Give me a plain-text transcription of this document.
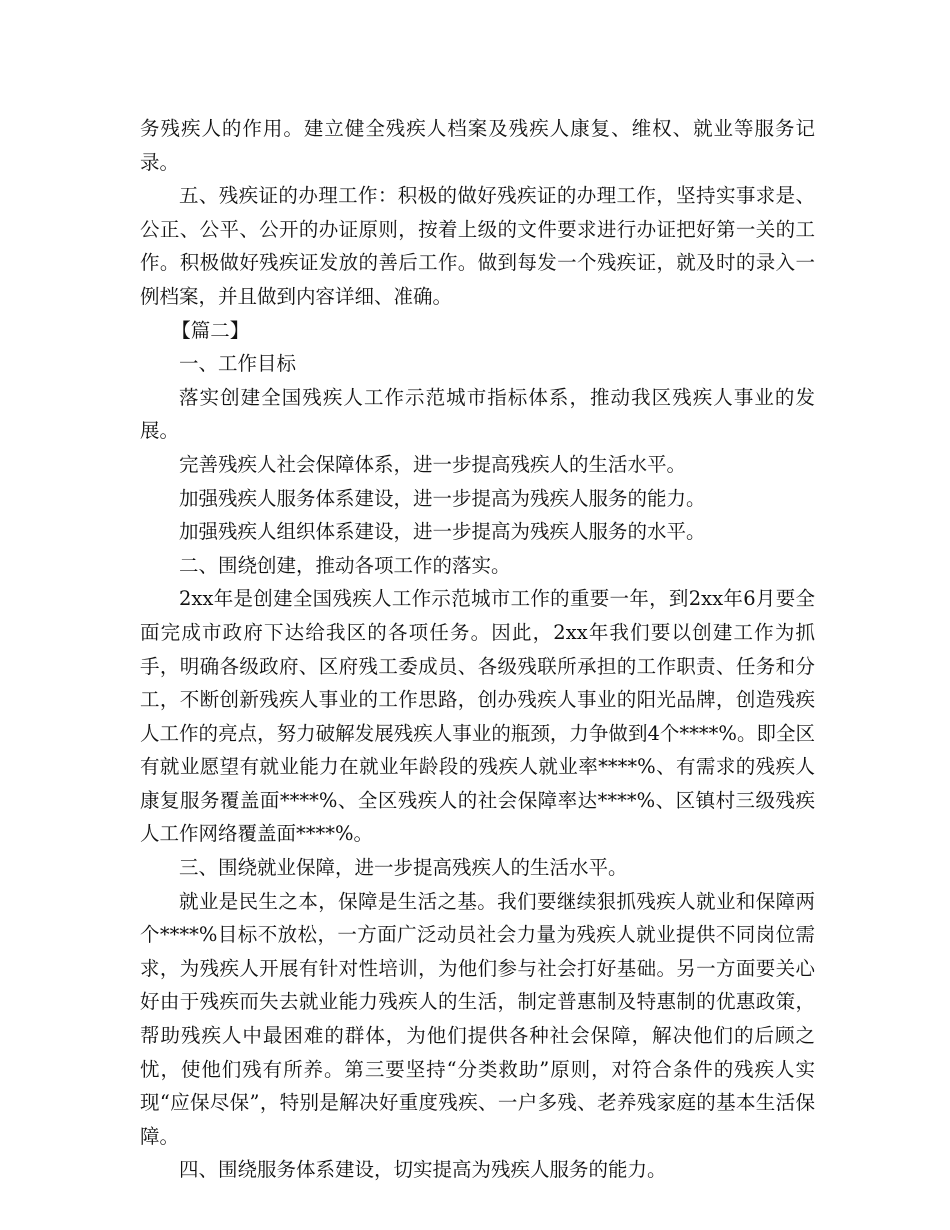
务残疾人的作用。建立健全残疾人档案及残疾人康复、维权、就业等服务记录。

五、残疾证的办理工作：积极的做好残疾证的办理工作，坚持实事求是、公正、公平、公开的办证原则，按着上级的文件要求进行办证把好第一关的工作。积极做好残疾证发放的善后工作。做到每发一个残疾证，就及时的录入一例档案，并且做到内容详细、准确。

【篇二】

一、工作目标

落实创建全国残疾人工作示范城市指标体系，推动我区残疾人事业的发展。

完善残疾人社会保障体系，进一步提高残疾人的生活水平。

加强残疾人服务体系建设，进一步提高为残疾人服务的能力。

加强残疾人组织体系建设，进一步提高为残疾人服务的水平。

二、围绕创建，推动各项工作的落实。

2xx年是创建全国残疾人工作示范城市工作的重要一年，到2xx年6月要全面完成市政府下达给我区的各项任务。因此，2xx年我们要以创建工作为抓手，明确各级政府、区府残工委成员、各级残联所承担的工作职责、任务和分工，不断创新残疾人事业的工作思路，创办残疾人事业的阳光品牌，创造残疾人工作的亮点，努力破解发展残疾人事业的瓶颈，力争做到4个****%。即全区有就业愿望有就业能力在就业年龄段的残疾人就业率****%、有需求的残疾人康复服务覆盖面****%、全区残疾人的社会保障率达****%、区镇村三级残疾人工作网络覆盖面****%。

三、围绕就业保障，进一步提高残疾人的生活水平。

就业是民生之本，保障是生活之基。我们要继续狠抓残疾人就业和保障两个****%目标不放松，一方面广泛动员社会力量为残疾人就业提供不同岗位需求，为残疾人开展有针对性培训，为他们参与社会打好基础。另一方面要关心好由于残疾而失去就业能力残疾人的生活，制定普惠制及特惠制的优惠政策，帮助残疾人中最困难的群体，为他们提供各种社会保障，解决他们的后顾之忧，使他们残有所养。第三要坚持“分类救助”原则，对符合条件的残疾人实现“应保尽保”，特别是解决好重度残疾、一户多残、老养残家庭的基本生活保障。

四、围绕服务体系建设，切实提高为残疾人服务的能力。
